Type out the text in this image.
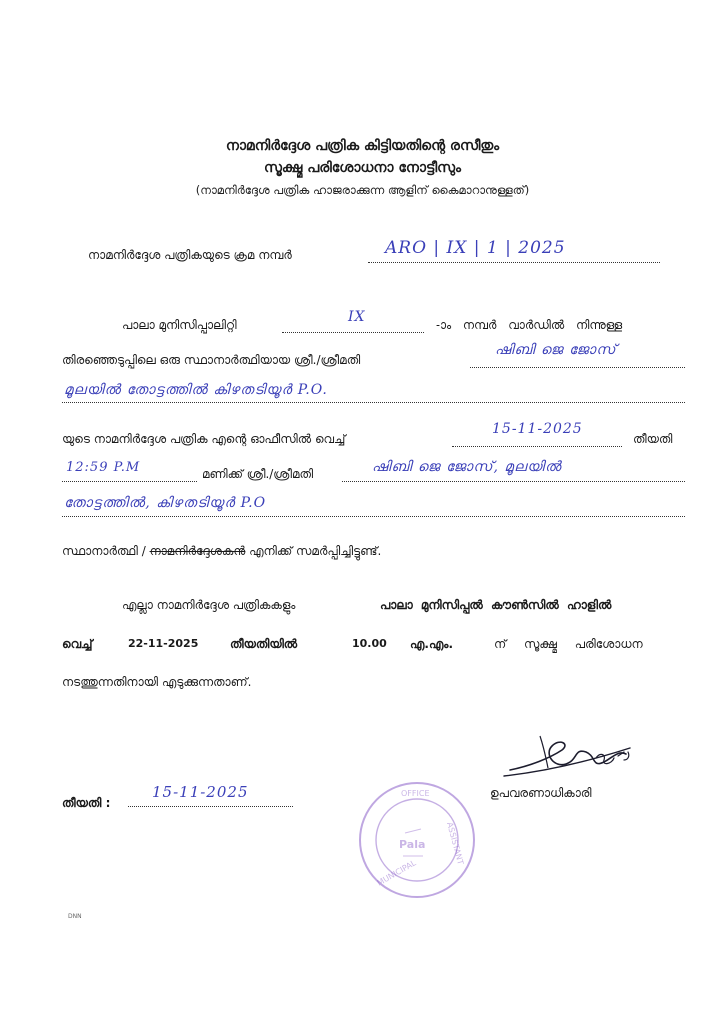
നാമനിർദ്ദേശ പത്രിക കിട്ടിയതിന്റെ രസീതും
സൂക്ഷ്മ പരിശോധനാ നോട്ടീസും
(നാമനിർദ്ദേശ പത്രിക ഹാജരാക്കുന്ന ആളിന് കൈമാറാനുള്ളത്)
നാമനിർദ്ദേശ പത്രികയുടെ ക്രമ നമ്പർ	ARO | IX | 1 | 2025
പാലാ മുനിസിപ്പാലിറ്റി	IX	-ാം നമ്പർ വാർഡിൽ നിന്നുള്ള
തിരഞ്ഞെടുപ്പിലെ ഒരു സ്ഥാനാർത്ഥിയായ ശ്രീ./ശ്രീമതി
ഷിബി ജെ ജോസ്
മൂലയിൽ തോട്ടത്തിൽ കിഴതടിയൂർ P.O.
യുടെ നാമനിർദ്ദേശ പത്രിക എന്റെ ഓഫീസിൽ വെച്ച്
15-11-2025
തീയതി
12:59 P.M	മണിക്ക് ശ്രീ./ശ്രീമതി	ഷിബി ജെ ജോസ്, മൂലയിൽ
തോട്ടത്തിൽ, കിഴതടിയൂർ P.O
സ്ഥാനാർത്ഥി / നാമനിർദ്ദേശകൻ എനിക്ക് സമർപ്പിച്ചിട്ടുണ്ട്.
എല്ലാ നാമനിർദ്ദേശ പത്രികകളും	പാലാ മുനിസിപ്പൽ കൗൺസിൽ ഹാളിൽ
വെച്ച്	22-11-2025	തീയതിയിൽ	10.00 എ.എം.	ന് സൂക്ഷ്മ പരിശോധന
നടത്തുന്നതിനായി എടുക്കുന്നതാണ്.
OFFICE
Pala ASSISTANT
MUNICIPAL
തീയതി :
15-11-2025	ഉപവരണാധികാരി
DNN
